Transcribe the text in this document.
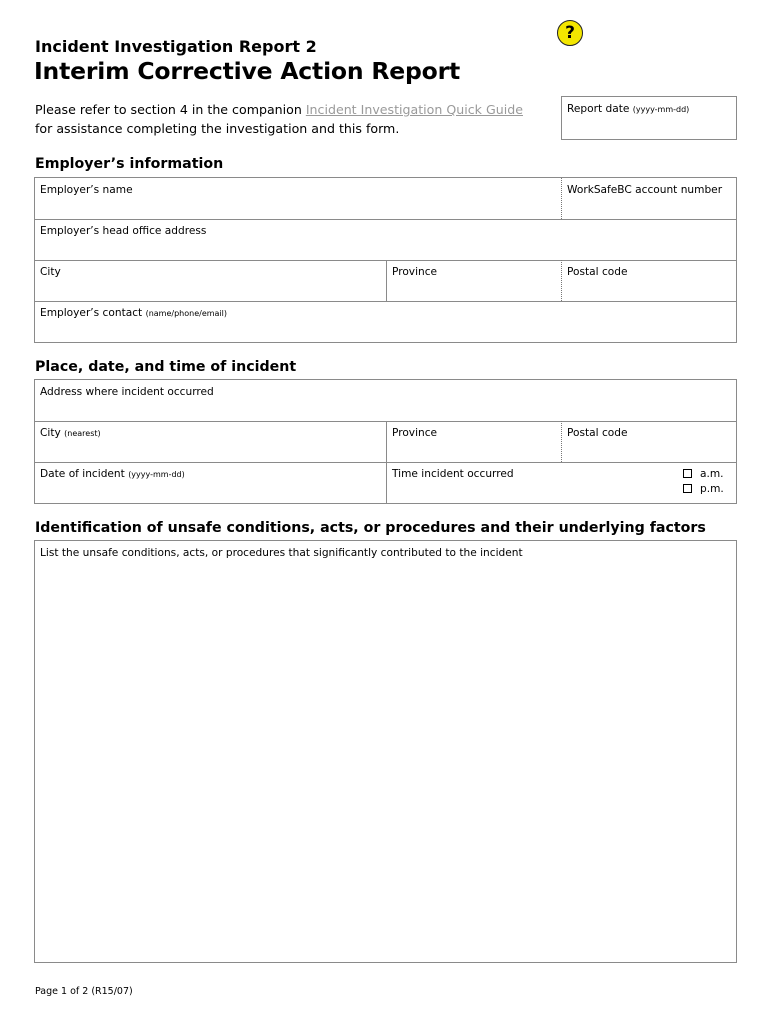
?
Incident Investigation Report 2
Interim Corrective Action Report
Please refer to section 4 in the companion Incident Investigation Quick Guide
for assistance completing the investigation and this form.
Report date (yyyy-mm-dd)
Employer’s information
Employer’s name	WorkSafeBC account number
Employer’s head office address
City	Province	Postal code
Employer’s contact (name/phone/email)
Place, date, and time of incident
Address where incident occurred
City (nearest)	Province	Postal code
Date of incident (yyyy-mm-dd)	Time incident occurred	a.m.
p.m.
Identification of unsafe conditions, acts, or procedures and their underlying factors
List the unsafe conditions, acts, or procedures that significantly contributed to the incident
Page 1 of 2 (R15/07)
